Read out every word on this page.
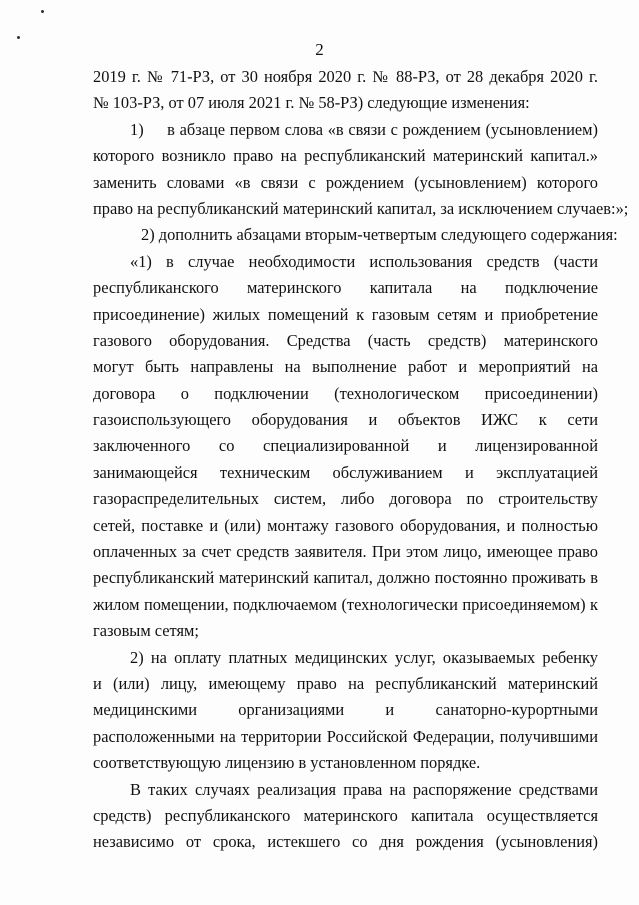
2
2019 г. № 71-РЗ, от 30 ноября 2020 г. № 88-РЗ, от 28 декабря 2020 г.
№ 103-РЗ, от 07 июля 2021 г. № 58-РЗ) следующие изменения:
1)     в абзаце первом слова «в связи с рождением (усыновлением)
которого возникло право на республиканский материнский капитал.»
заменить словами «в связи с рождением (усыновлением) которого
право на республиканский материнский капитал, за исключением случаев:»;
2) дополнить абзацами вторым-четвертым следующего содержания:
«1) в случае необходимости использования средств (части
республиканского материнского капитала на подключение
присоединение) жилых помещений к газовым сетям и приобретение
газового оборудования. Средства (часть средств) материнского
могут быть направлены на выполнение работ и мероприятий на
договора о подключении (технологическом присоединении)
газоиспользующего оборудования и объектов ИЖС к сети
заключенного со специализированной и лицензированной
занимающейся техническим обслуживанием и эксплуатацией
газораспределительных систем, либо договора по строительству
сетей, поставке и (или) монтажу газового оборудования, и полностью
оплаченных за счет средств заявителя. При этом лицо, имеющее право
республиканский материнский капитал, должно постоянно проживать в
жилом помещении, подключаемом (технологически присоединяемом) к
газовым сетям;
2) на оплату платных медицинских услуг, оказываемых ребенку
и (или) лицу, имеющему право на республиканский материнский
медицинскими организациями и санаторно-курортными
расположенными на территории Российской Федерации, получившими
соответствующую лицензию в установленном порядке.
В таких случаях реализация права на распоряжение средствами
средств) республиканского материнского капитала осуществляется
независимо от срока, истекшего со дня рождения (усыновления)
